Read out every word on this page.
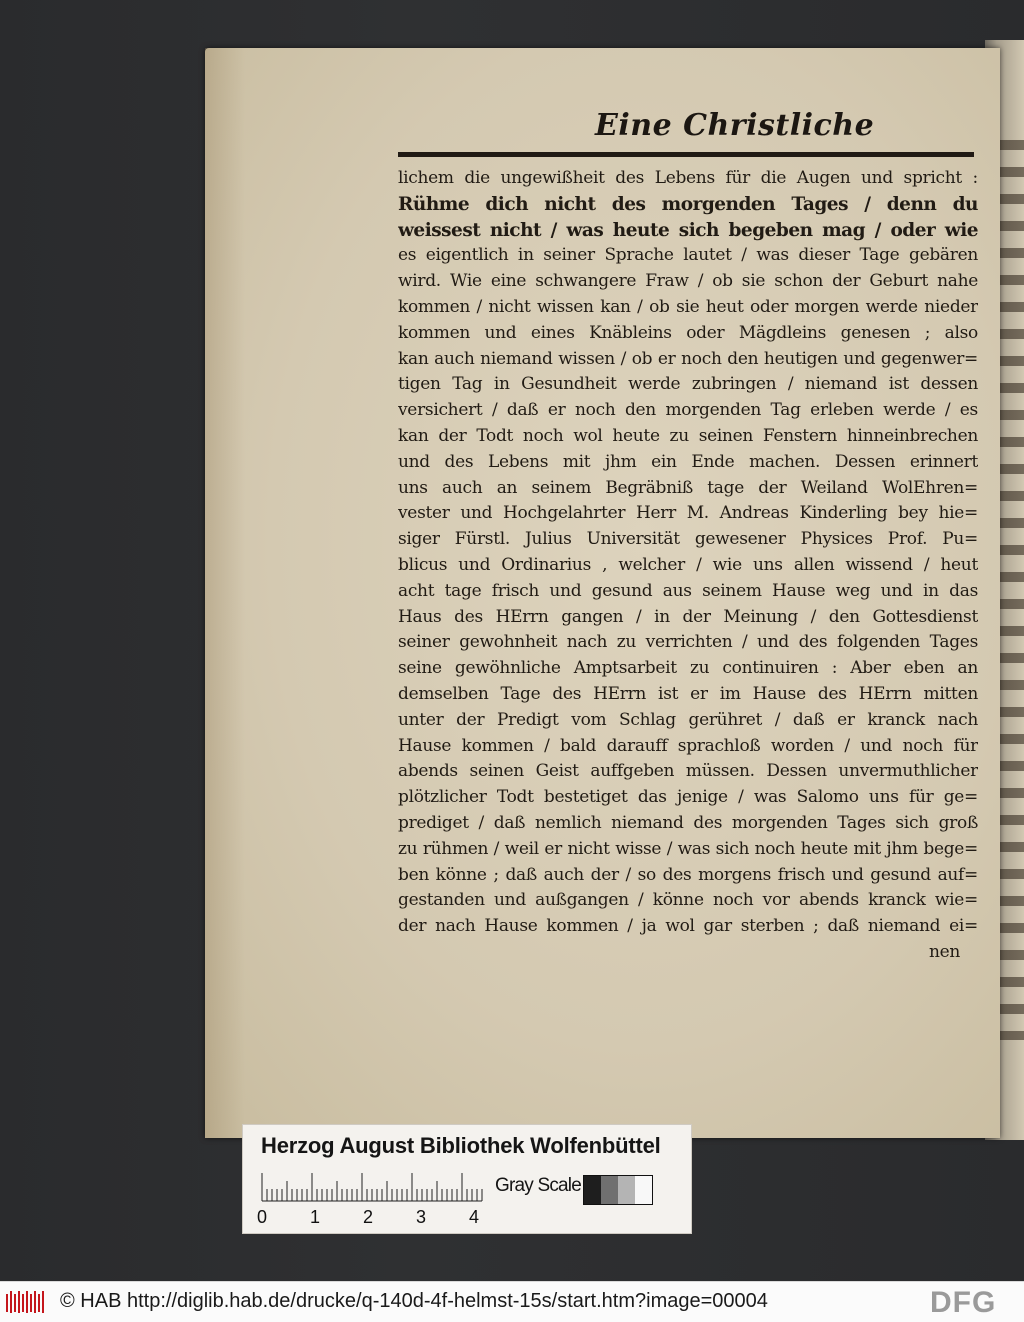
Eine Christliche
lichem die ungewißheit des Lebens für die Augen und spricht :
Rühme dich nicht des morgenden Tages / denn du
weissest nicht / was heute sich begeben mag / oder wie
es eigentlich in seiner Sprache lautet / was dieser Tage gebären
wird. Wie eine schwangere Fraw / ob sie schon der Geburt nahe
kommen / nicht wissen kan / ob sie heut oder morgen werde nieder
kommen und eines Knäbleins oder Mägdleins genesen ; also
kan auch niemand wissen / ob er noch den heutigen und gegenwer=
tigen Tag in Gesundheit werde zubringen / niemand ist dessen
versichert / daß er noch den morgenden Tag erleben werde / es
kan der Todt noch wol heute zu seinen Fenstern hinneinbrechen
und des Lebens mit jhm ein Ende machen. Dessen erinnert
uns auch an seinem Begräbniß tage der Weiland WolEhren=
vester und Hochgelahrter Herr M. Andreas Kinderling bey hie=
siger Fürstl. Julius Universität gewesener Physices Prof. Pu=
blicus und Ordinarius , welcher / wie uns allen wissend / heut
acht tage frisch und gesund aus seinem Hause weg und in das
Haus des HErrn gangen / in der Meinung / den Gottesdienst
seiner gewohnheit nach zu verrichten / und des folgenden Tages
seine gewöhnliche Amptsarbeit zu continuiren : Aber eben an
demselben Tage des HErrn ist er im Hause des HErrn mitten
unter der Predigt vom Schlag gerühret / daß er kranck nach
Hause kommen / bald darauff sprachloß worden / und noch für
abends seinen Geist auffgeben müssen. Dessen unvermuthlicher
plötzlicher Todt bestetiget das jenige / was Salomo uns für ge=
prediget / daß nemlich niemand des morgenden Tages sich groß
zu rühmen / weil er nicht wisse / was sich noch heute mit jhm bege=
ben könne ; daß auch der / so des morgens frisch und gesund auf=
gestanden und außgangen / könne noch vor abends kranck wie=
der nach Hause kommen / ja wol gar sterben ; daß niemand ei=
nen
Herzog August Bibliothek Wolfenbüttel
0 1 2 3 4
Gray Scale
© HAB http://diglib.hab.de/drucke/q-140d-4f-helmst-15s/start.htm?image=00004	DFG
